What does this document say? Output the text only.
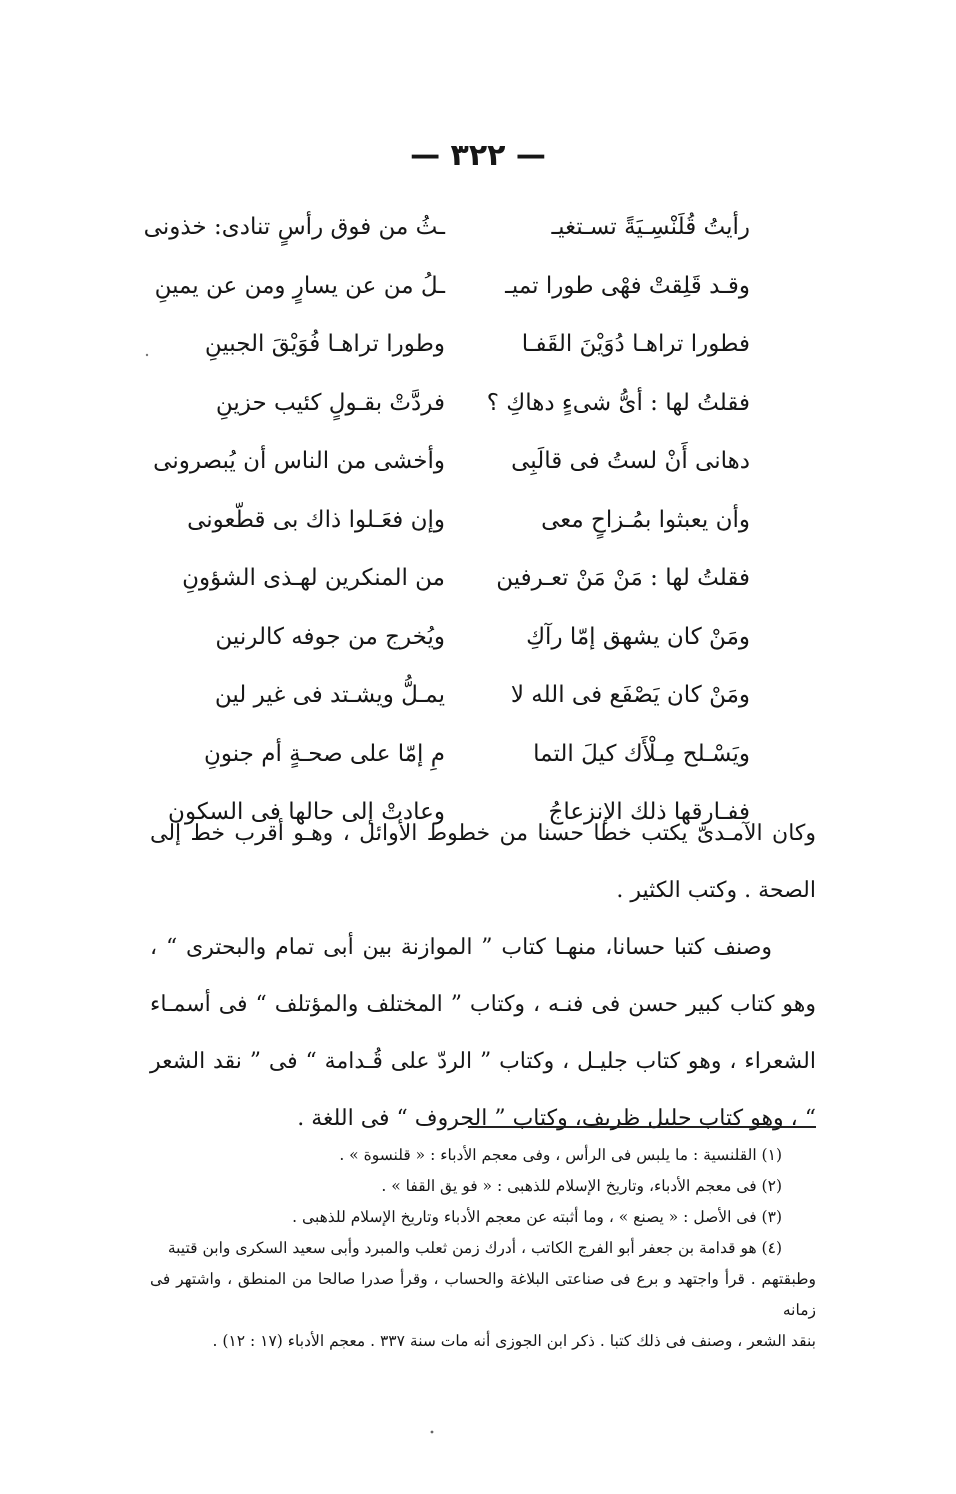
— ٣٢٢ —
رأيتُ قُلَنْسِـيَةً تسـتغيـ
ـثُ من فوق رأسٍ تنادى: خذونى
وقـد قَلِقتْ فهْى طورا تميـ
ـلُ من عن يسارٍ ومن عن يمينِ
فطورا تراهـا دُوَيْنَ القَفـا
وطورا تراهـا فُوَيْقَ الجبينِ
فقلتُ لها : أىُّ شىءٍ دهاكِ ؟
فردَّتْ بقـولٍ كئيب حزينِ
دهانى أَنْ لستُ فى قالَبِى
وأخشى من الناس أن يُبصرونى
وأن يعبثوا بمُـزاحٍ معى
وإن فعَـلوا ذاك بى قطّعونى
فقلتُ لها : مَنْ مَنْ تعـرفين
من المنكرين لهـذى الشؤونِ
ومَنْ كان يشهق إمّا رآكِ
ويُخرج من جوفه كالرنين
ومَنْ كان يَصْفَع فى الله لا
يمـلُّ ويشـتد فى غير لين
ويَسْـلح مِـلْأَك كيلَ التما
مِ إمّا على صحـةٍ أم جنونِ
ففـارقها ذلك الإنزعاجُ
وعادتْ إلى حالها فى السكون

وكان الآمـدىّ يكتب خطا حسنا من خطوط الأوائل ، وهـو أقرب خط إلى الصحة . وكتب الكثير .

وصنف كتبا حسانا، منهـا كتاب ” الموازنة بين أبى تمام والبحترى “ ، وهو كتاب كبير حسن فى فنـه ، وكتاب ” المختلف والمؤتلف “ فى أسمـاء الشعراء ، وهو كتاب جليـل ، وكتاب ” الردّ على قُـدامة “ فى ” نقد الشعر “ ، وهو كتاب جليل ظريف، وكتاب ” الحروف “ فى اللغة .

(١) القلنسية : ما يلبس فى الرأس ، وفى معجم الأدباء : « قلنسوة » .

(٢) فى معجم الأدباء، وتاريخ الإسلام للذهبى : « فو يق القفا » .

(٣) فى الأصل : « يصنع » ، وما أثبته عن معجم الأدباء وتاريخ الإسلام للذهبى .

(٤) هو قدامة بن جعفر أبو الفرج الكاتب ، أدرك زمن ثعلب والمبرد وأبى سعيد السكرى وابن قتيبة

وطبقتهم . قرأ واجتهد و برع فى صناعتى البلاغة والحساب ، وقرأ صدرا صالحا من المنطق ، واشتهر فى زمانه

بنقد الشعر ، وصنف فى ذلك كتبا . ذكر ابن الجوزى أنه مات سنة ٣٣٧ . معجم الأدباء (١٧ : ١٢) .
